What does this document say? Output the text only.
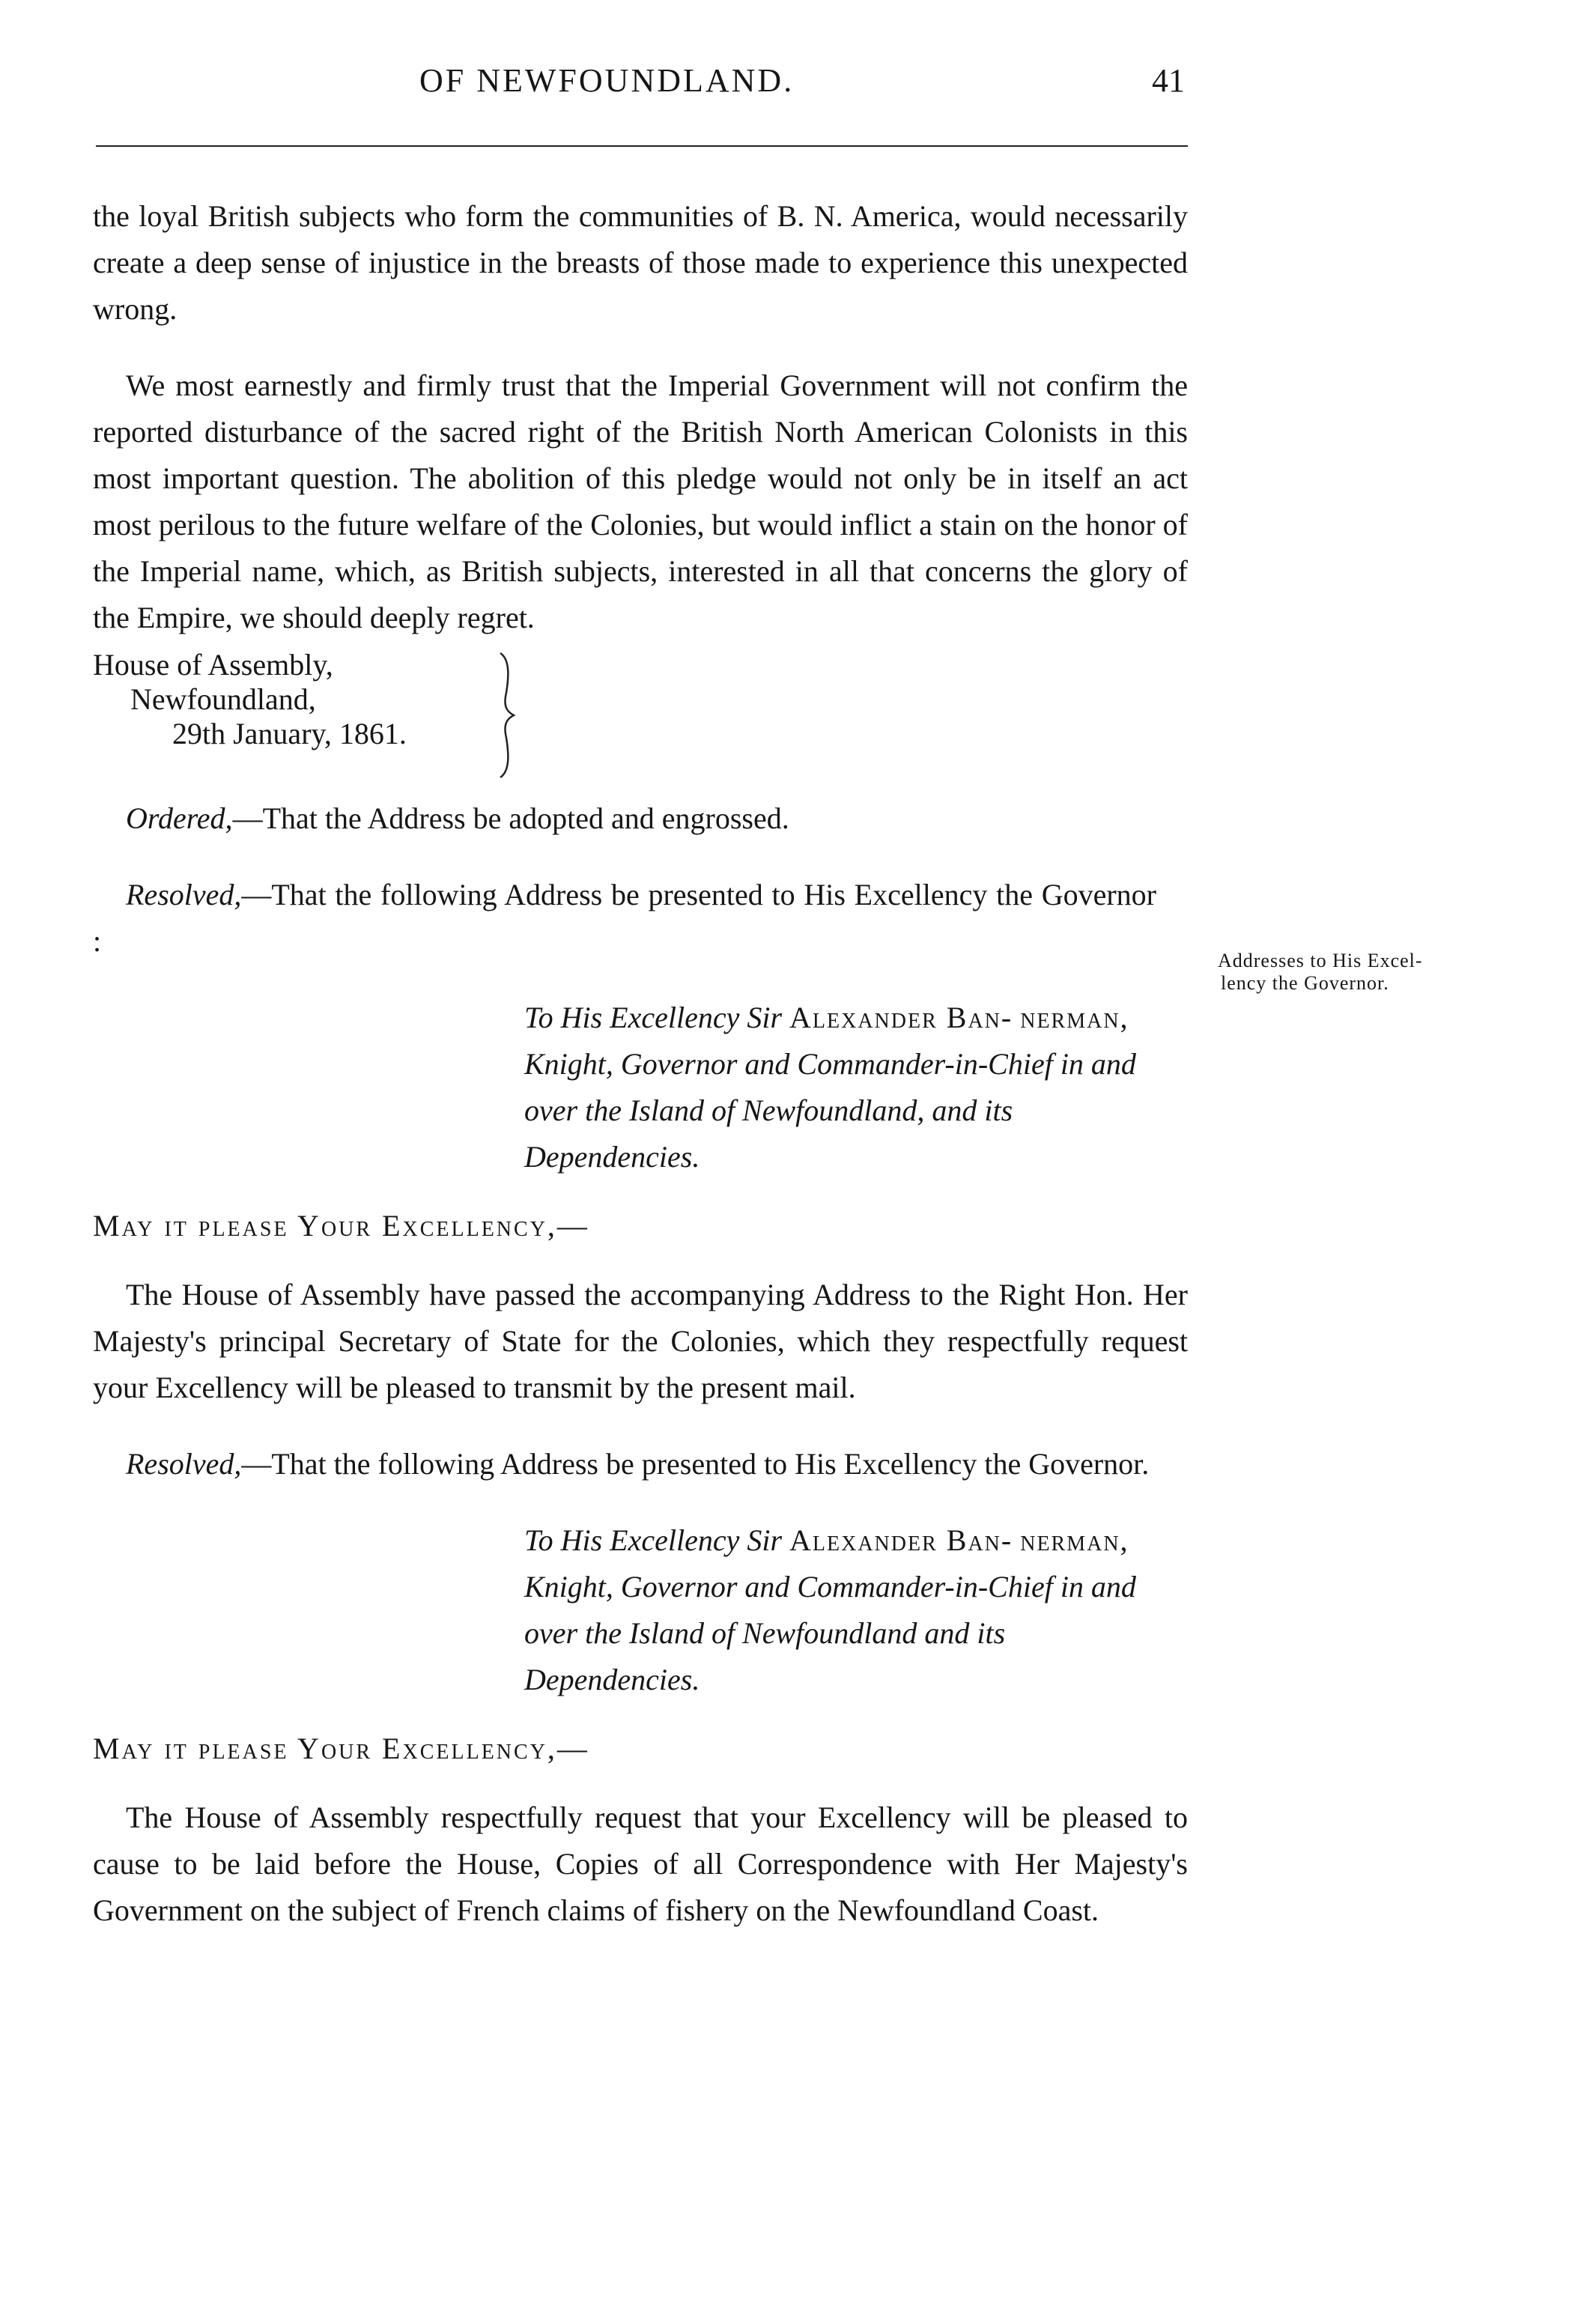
OF NEWFOUNDLAND.	41
Addresses to His Excel-
lency the Governor.

the loyal British subjects who form the communities of B. N. America, would necessarily create a deep sense of injustice in the breasts of those made to experience this unexpected wrong.

We most earnestly and firmly trust that the Imperial Government will not confirm the reported disturbance of the sacred right of the British North American Colonists in this most important question. The abolition of this pledge would not only be in itself an act most perilous to the future welfare of the Colonies, but would inflict a stain on the honor of the Imperial name, which, as British subjects, interested in all that concerns the glory of the Empire, we should deeply regret.

House of Assembly,
Newfoundland,
29th January, 1861.

Ordered,—That the Address be adopted and engrossed.

Resolved,—That the following Address be presented to His Excellency the Governor :

To His Excellency Sir Alexander Ban- nerman, Knight, Governor and Commander-in-Chief in and over the Island of Newfoundland, and its Dependencies.

May it please Your Excellency,—

The House of Assembly have passed the accompanying Address to the Right Hon. Her Majesty's principal Secretary of State for the Colonies, which they respectfully request your Excellency will be pleased to transmit by the present mail.

Resolved,—That the following Address be presented to His Excellency the Governor.

To His Excellency Sir Alexander Ban- nerman, Knight, Governor and Commander-in-Chief in and over the Island of Newfoundland and its Dependencies.

May it please Your Excellency,—

The House of Assembly respectfully request that your Excellency will be pleased to cause to be laid before the House, Copies of all Correspondence with Her Majesty's Government on the subject of French claims of fishery on the Newfoundland Coast.
